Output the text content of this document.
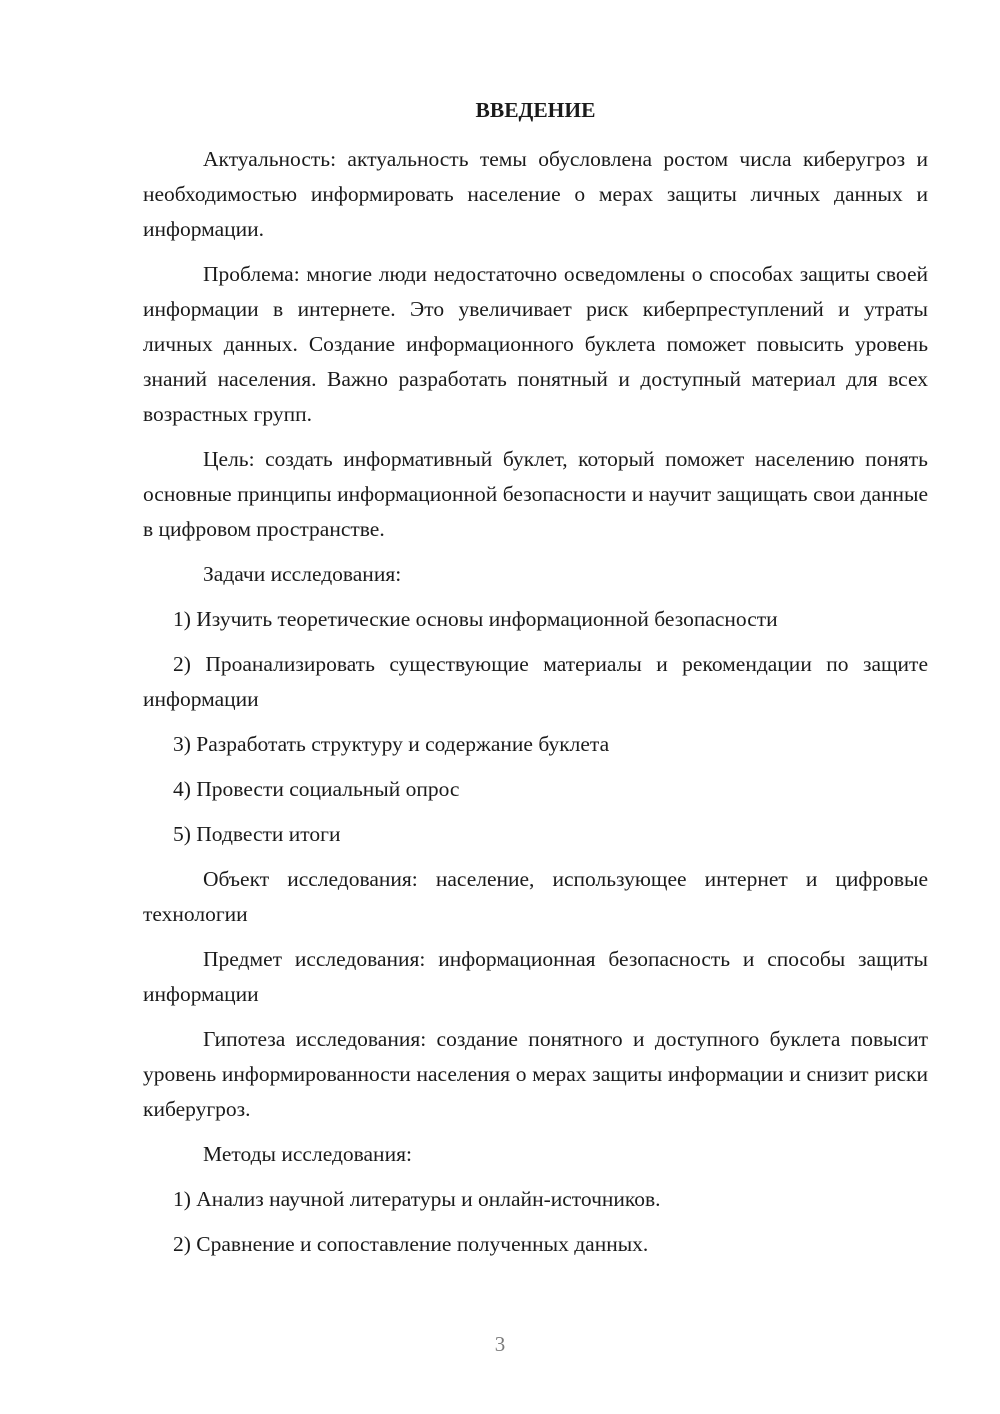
ВВЕДЕНИЕ

Актуальность: актуальность темы обусловлена ростом числа киберугроз и необходимостью информировать население о мерах защиты личных данных и информации.

Проблема: многие люди недостаточно осведомлены о способах защиты своей информации в интернете. Это увеличивает риск киберпреступлений и утраты личных данных. Создание информационного буклета поможет повысить уровень знаний населения. Важно разработать понятный и доступный материал для всех возрастных групп.

Цель: создать информативный буклет, который поможет населению понять основные принципы информационной безопасности и научит защищать свои данные в цифровом пространстве.

Задачи исследования:

1) Изучить теоретические основы информационной безопасности

2) Проанализировать существующие материалы и рекомендации по защите информации

3) Разработать структуру и содержание буклета

4) Провести социальный опрос

5) Подвести итоги

Объект исследования: население, использующее интернет и цифровые технологии

Предмет исследования: информационная безопасность и способы защиты информации

Гипотеза исследования: создание понятного и доступного буклета повысит уровень информированности населения о мерах защиты информации и снизит риски киберугроз.

Методы исследования:

1) Анализ научной литературы и онлайн-источников.

2) Сравнение и сопоставление полученных данных.

3
